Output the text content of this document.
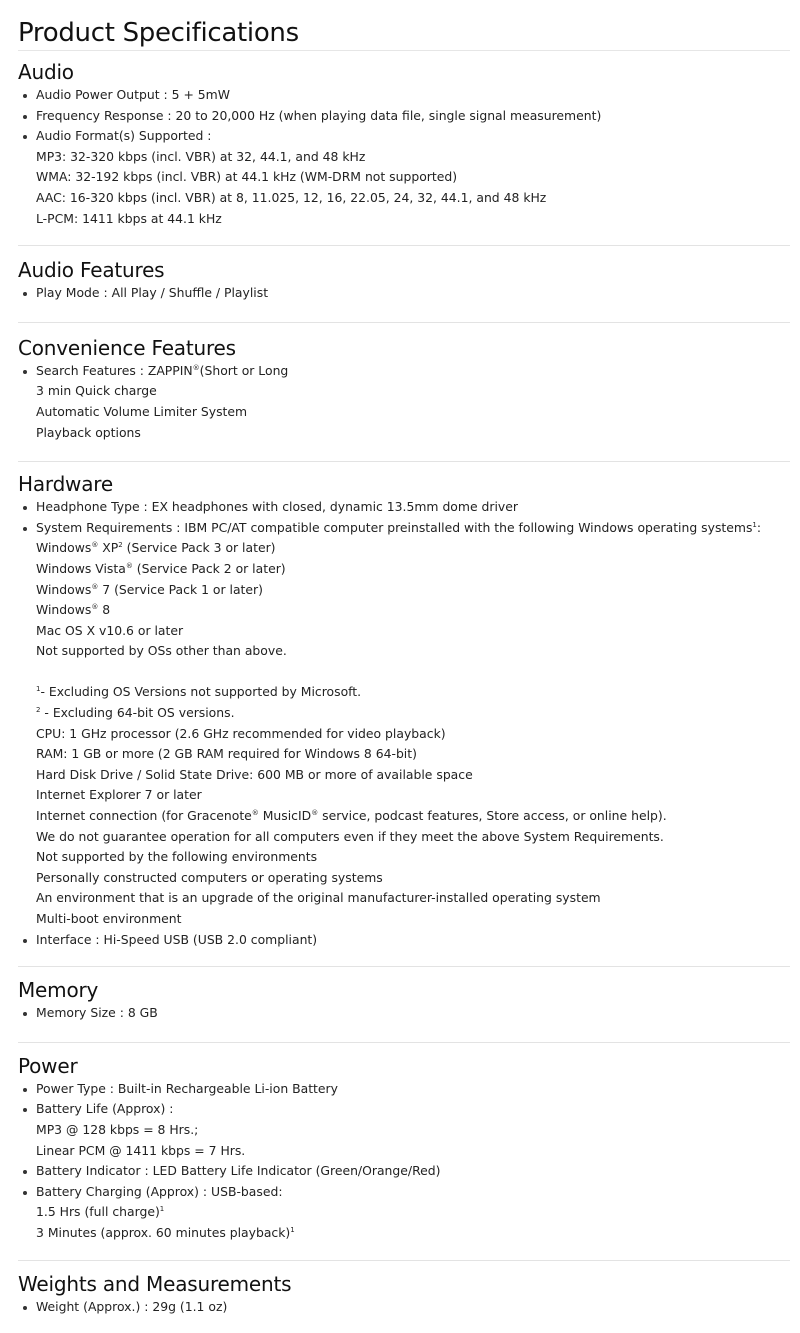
Product Specifications
Audio
Audio Power Output : 5 + 5mW
Frequency Response : 20 to 20,000 Hz (when playing data file, single signal measurement)
Audio Format(s) Supported :
MP3: 32-320 kbps (incl. VBR) at 32, 44.1, and 48 kHz
WMA: 32-192 kbps (incl. VBR) at 44.1 kHz (WM-DRM not supported)
AAC: 16-320 kbps (incl. VBR) at 8, 11.025, 12, 16, 22.05, 24, 32, 44.1, and 48 kHz
L-PCM: 1411 kbps at 44.1 kHz
Audio Features
Play Mode : All Play / Shuffle / Playlist
Convenience Features
Search Features : ZAPPIN®(Short or Long
3 min Quick charge
Automatic Volume Limiter System
Playback options
Hardware
Headphone Type : EX headphones with closed, dynamic 13.5mm dome driver
System Requirements : IBM PC/AT compatible computer preinstalled with the following Windows operating systems$^1$:
Windows® $XP^2$ (Service Pack 3 or later)
Windows Vista® (Service Pack 2 or later)
Windows® 7 (Service Pack 1 or later)
Windows® 8
Mac OS X v10.6 or later
Not supported by OSs other than above.
$^1$- Excluding OS Versions not supported by Microsoft.
$^2$ - Excluding 64-bit OS versions.
CPU: 1 GHz processor (2.6 GHz recommended for video playback)
RAM: 1 GB or more (2 GB RAM required for Windows 8 64-bit)
Hard Disk Drive / Solid State Drive: 600 MB or more of available space
Internet Explorer 7 or later
Internet connection (for Gracenote® MusicID® service, podcast features, Store access, or online help).
We do not guarantee operation for all computers even if they meet the above System Requirements.
Not supported by the following environments
Personally constructed computers or operating systems
An environment that is an upgrade of the original manufacturer-installed operating system
Multi-boot environment
Interface : Hi-Speed USB (USB 2.0 compliant)
Memory
Memory Size : 8 GB
Power
Power Type : Built-in Rechargeable Li-ion Battery
Battery Life (Approx) :
MP3 @ 128 kbps = 8 Hrs.;
Linear PCM @ 1411 kbps = 7 Hrs.
Battery Indicator : LED Battery Life Indicator (Green/Orange/Red)
Battery Charging (Approx) : USB-based:
1.5 Hrs (full charge)$^1$
3 Minutes (approx. 60 minutes playback)$^1$
Weights and Measurements
Weight (Approx.) : 29g (1.1 oz)
